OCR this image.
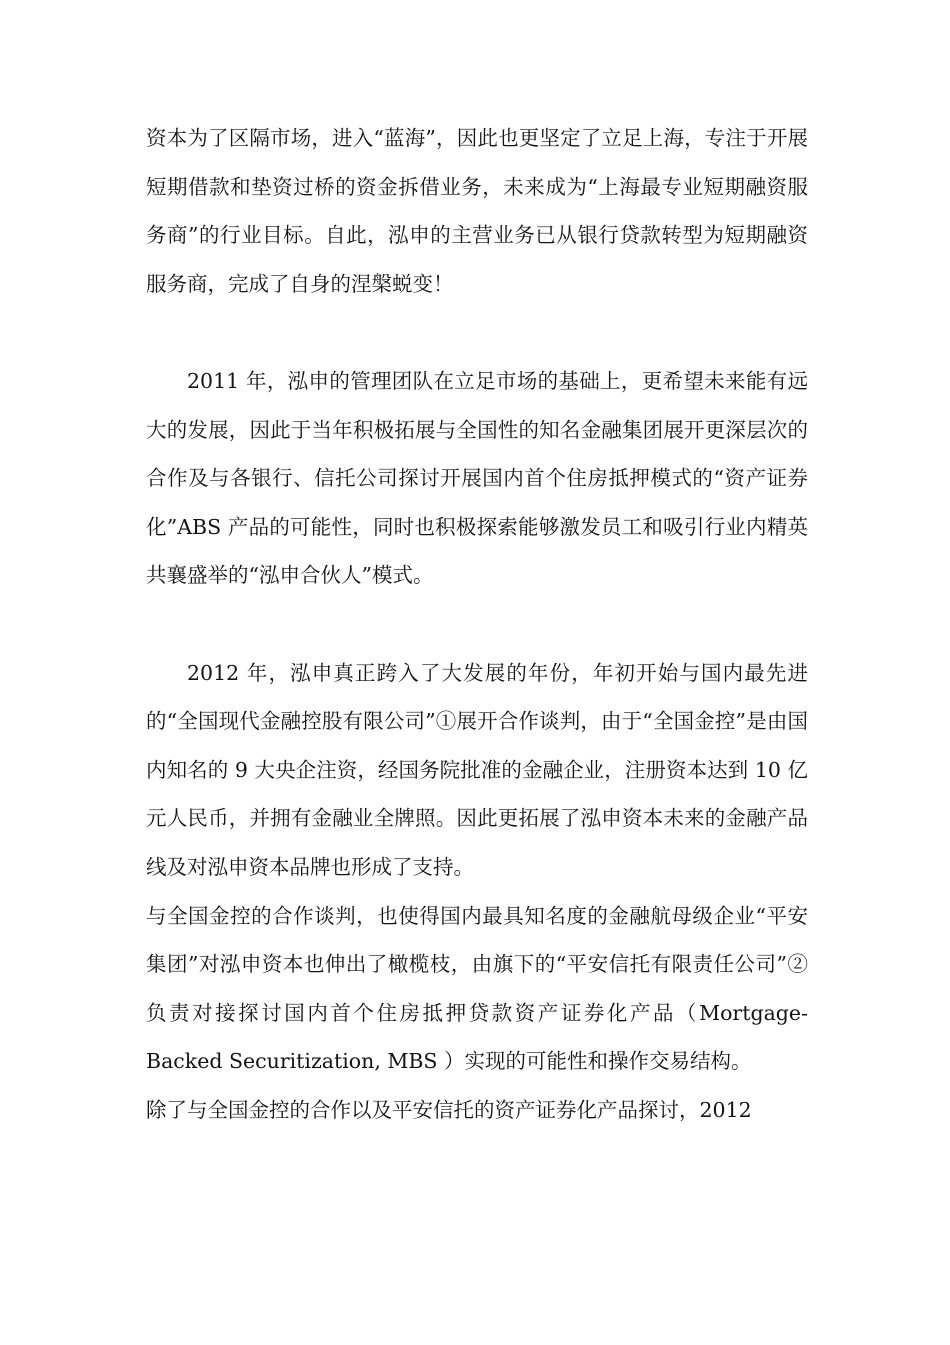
资本为了区隔市场，进入“蓝海”，因此也更坚定了立足上海，专注于开展短期借款和垫资过桥的资金拆借业务，未来成为“上海最专业短期融资服务商”的行业目标。自此，泓申的主营业务已从银行贷款转型为短期融资服务商，完成了自身的涅槃蜕变！

2011 年，泓申的管理团队在立足市场的基础上，更希望未来能有远大的发展，因此于当年积极拓展与全国性的知名金融集团展开更深层次的合作及与各银行、信托公司探讨开展国内首个住房抵押模式的“资产证券化”ABS 产品的可能性，同时也积极探索能够激发员工和吸引行业内精英共襄盛举的“泓申合伙人”模式。

2012 年，泓申真正跨入了大发展的年份，年初开始与国内最先进的“全国现代金融控股有限公司”①展开合作谈判，由于“全国金控”是由国内知名的 9 大央企注资，经国务院批准的金融企业，注册资本达到 10 亿元人民币，并拥有金融业全牌照。因此更拓展了泓申资本未来的金融产品线及对泓申资本品牌也形成了支持。

与全国金控的合作谈判，也使得国内最具知名度的金融航母级企业“平安集团”对泓申资本也伸出了橄榄枝，由旗下的“平安信托有限责任公司”②负责对接探讨国内首个住房抵押贷款资产证券化产品（Mortgage-Backed Securitization, MBS ）实现的可能性和操作交易结构。

除了与全国金控的合作以及平安信托的资产证券化产品探讨，2012
